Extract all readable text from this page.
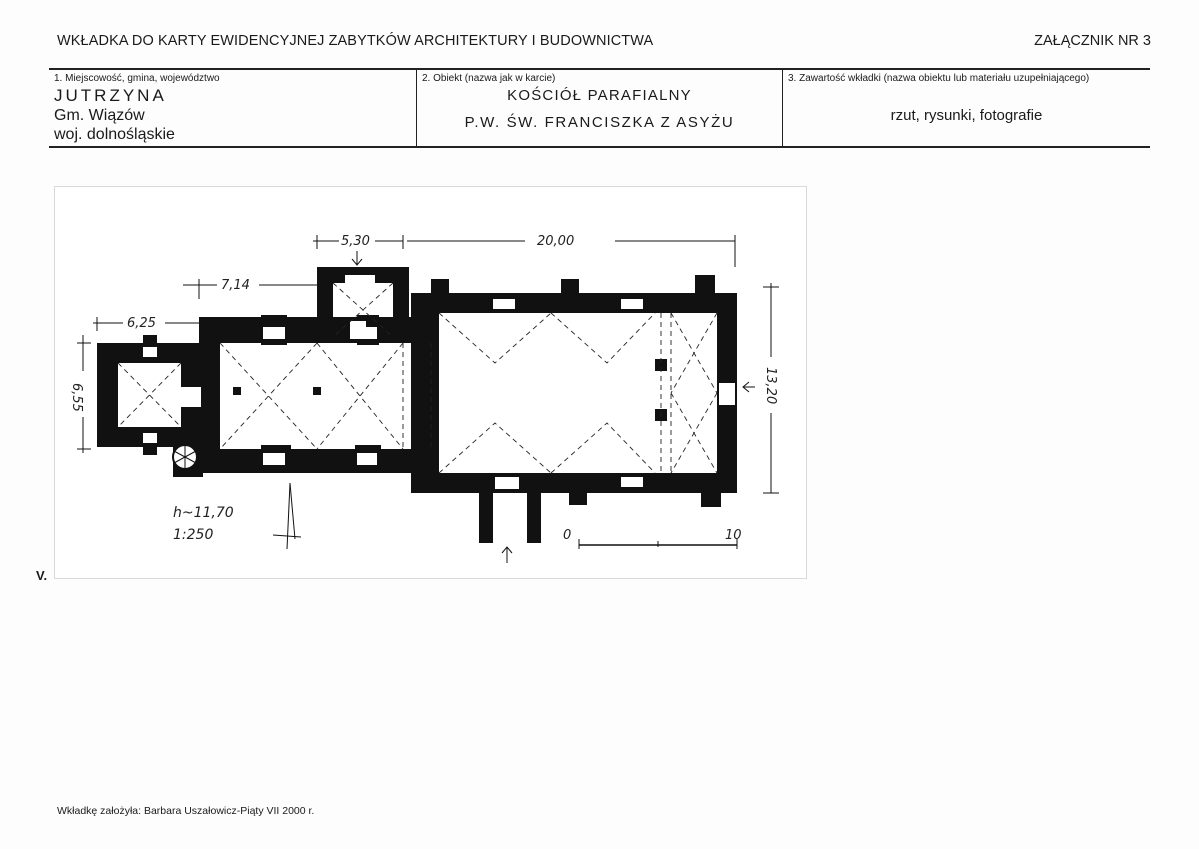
WKŁADKA DO KARTY EWIDENCYJNEJ ZABYTKÓW ARCHITEKTURY I BUDOWNICTWA	ZAŁĄCZNIK NR 3
1. Miejscowość, gmina, województwo
JUTRZYNA
Gm. Wiązów
woj. dolnośląskie
2. Obiekt (nazwa jak w karcie)
KOŚCIÓŁ PARAFIALNY
P.W. ŚW. FRANCISZKA Z ASYŻU
3. Zawartość wkładki (nazwa obiektu lub materiału uzupełniającego)
rzut, rysunki, fotografie
5,30	20,00
7,14
6,25
6,55	13,20
h~11,70
1:250	0	10
V.
Wkładkę założyła: Barbara Uszałowicz-Piąty VII 2000 r.
